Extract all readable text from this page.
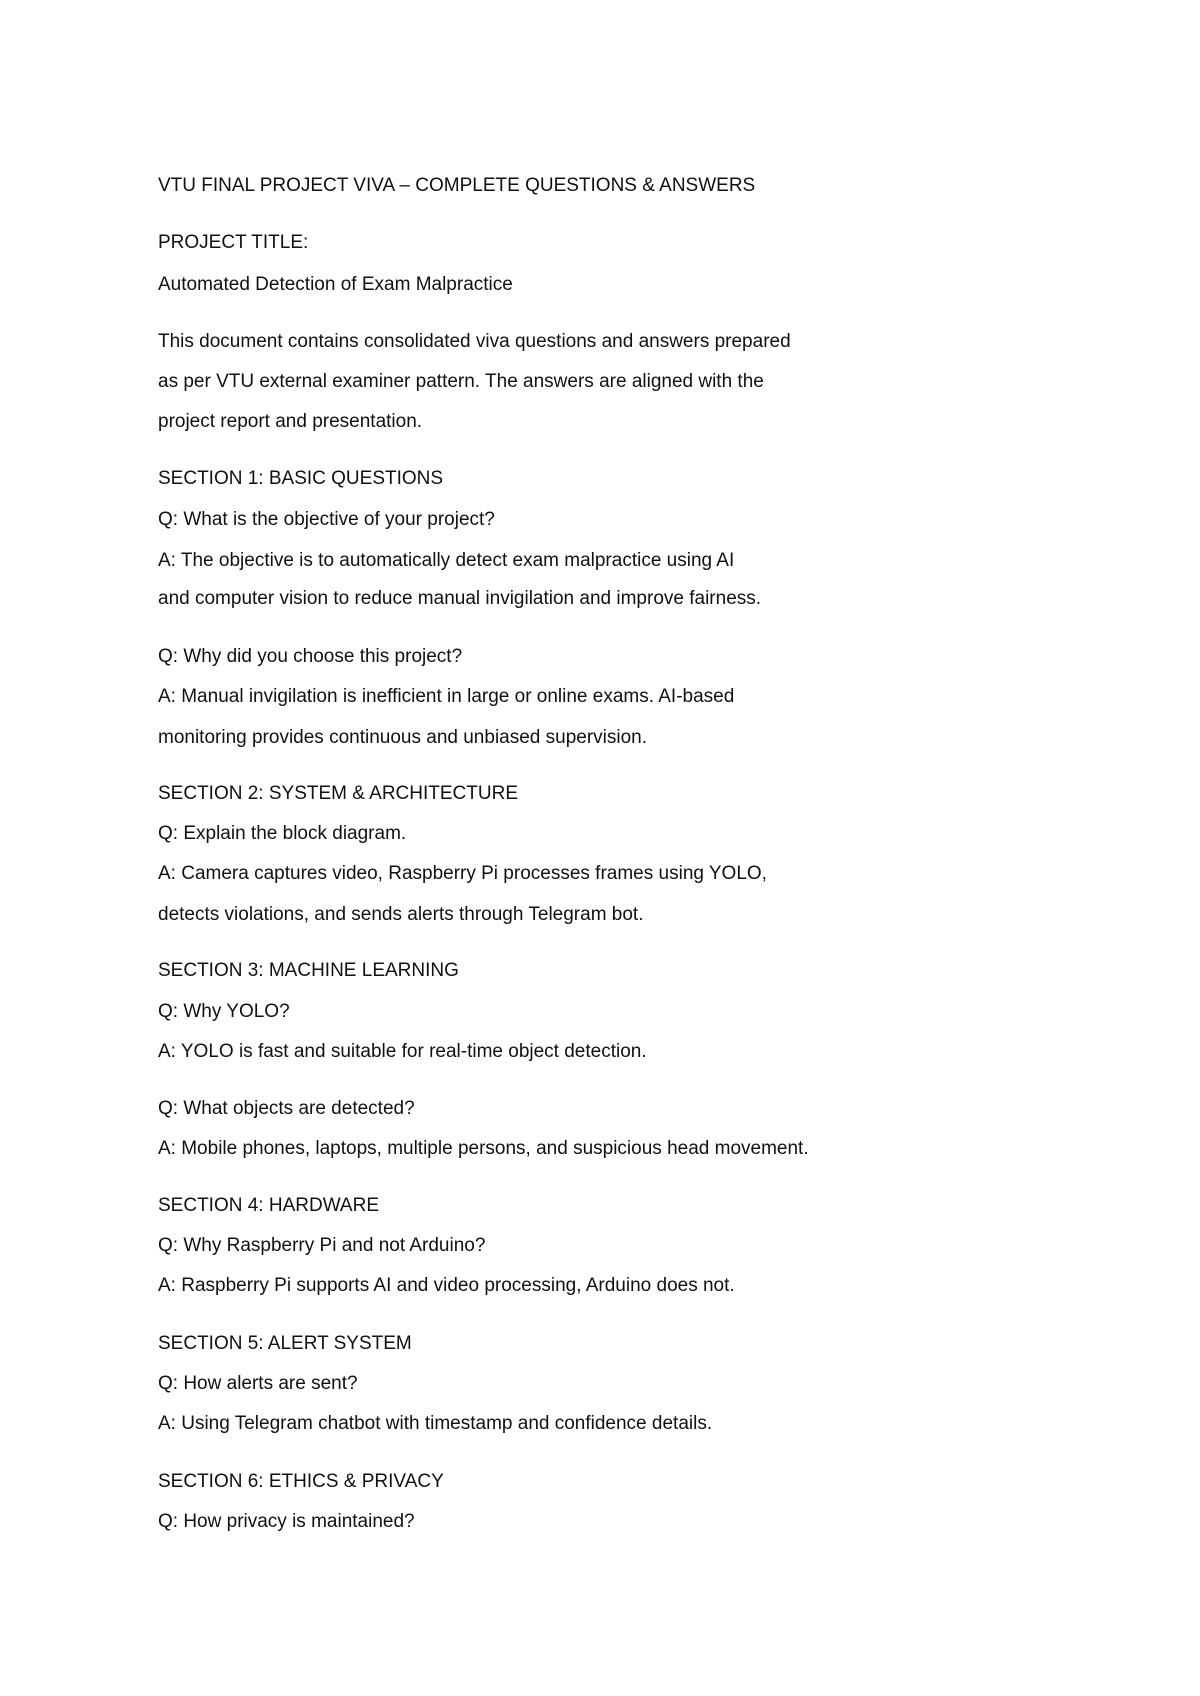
VTU FINAL PROJECT VIVA – COMPLETE QUESTIONS & ANSWERS
PROJECT TITLE:
Automated Detection of Exam Malpractice
This document contains consolidated viva questions and answers prepared
as per VTU external examiner pattern. The answers are aligned with the
project report and presentation.
SECTION 1: BASIC QUESTIONS
Q: What is the objective of your project?
A: The objective is to automatically detect exam malpractice using AI
and computer vision to reduce manual invigilation and improve fairness.
Q: Why did you choose this project?
A: Manual invigilation is inefficient in large or online exams. AI-based
monitoring provides continuous and unbiased supervision.
SECTION 2: SYSTEM & ARCHITECTURE
Q: Explain the block diagram.
A: Camera captures video, Raspberry Pi processes frames using YOLO,
detects violations, and sends alerts through Telegram bot.
SECTION 3: MACHINE LEARNING
Q: Why YOLO?
A: YOLO is fast and suitable for real-time object detection.
Q: What objects are detected?
A: Mobile phones, laptops, multiple persons, and suspicious head movement.
SECTION 4: HARDWARE
Q: Why Raspberry Pi and not Arduino?
A: Raspberry Pi supports AI and video processing, Arduino does not.
SECTION 5: ALERT SYSTEM
Q: How alerts are sent?
A: Using Telegram chatbot with timestamp and confidence details.
SECTION 6: ETHICS & PRIVACY
Q: How privacy is maintained?
